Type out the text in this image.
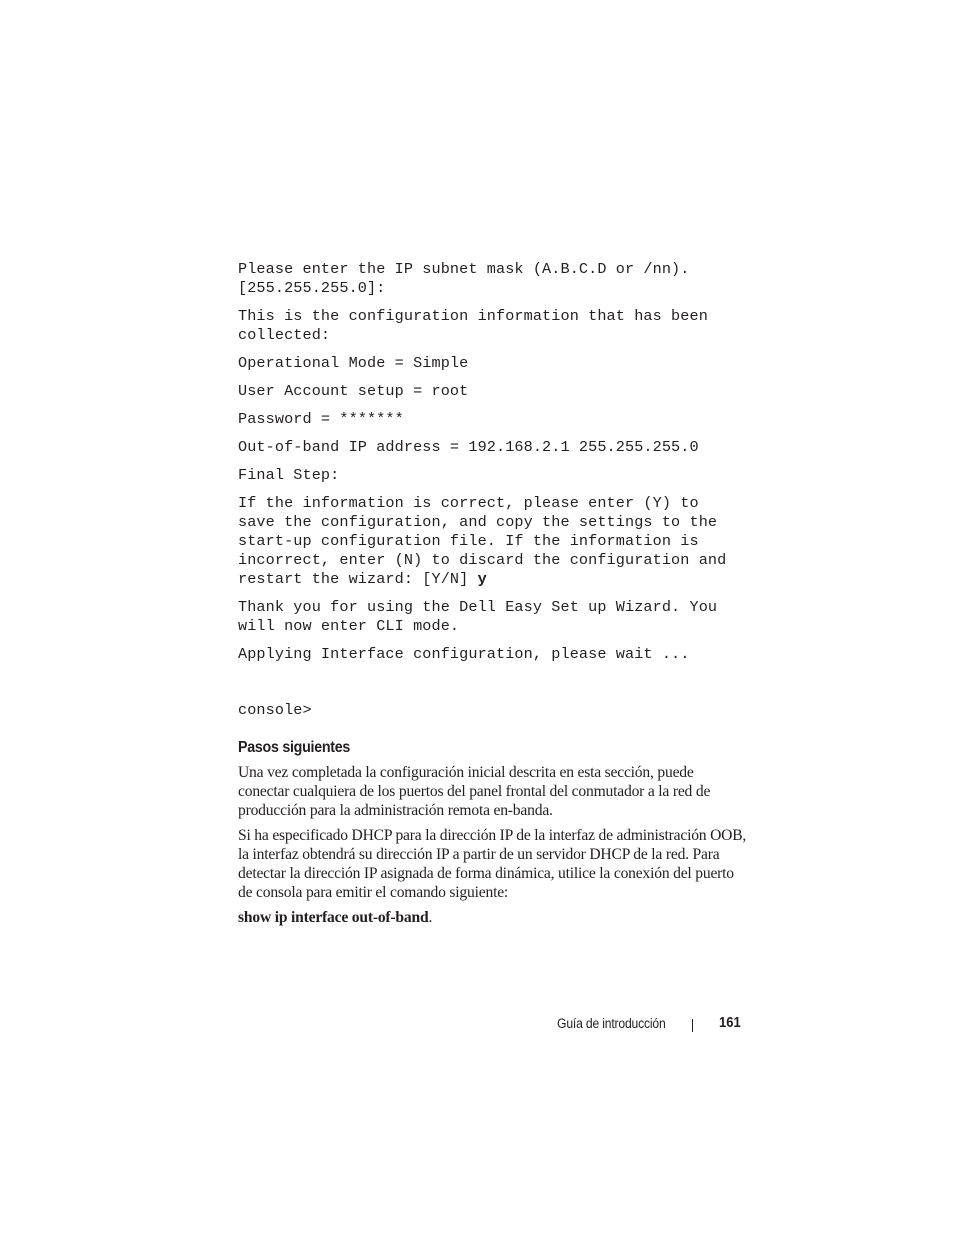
Please enter the IP subnet mask (A.B.C.D or /nn).
[255.255.255.0]:
This is the configuration information that has been
collected:
Operational Mode = Simple
User Account setup = root
Password = *******
Out-of-band IP address = 192.168.2.1 255.255.255.0
Final Step:
If the information is correct, please enter (Y) to
save the configuration, and copy the settings to the
start-up configuration file. If the information is
incorrect, enter (N) to discard the configuration and
restart the wizard: [Y/N] y
Thank you for using the Dell Easy Set up Wizard. You
will now enter CLI mode.
Applying Interface configuration, please wait ...
console>
Pasos siguientes

Una vez completada la configuración inicial descrita en esta sección, puede conectar cualquiera de los puertos del panel frontal del conmutador a la red de producción para la administración remota en-banda.

Si ha especificado DHCP para la dirección IP de la interfaz de administración OOB, la interfaz obtendrá su dirección IP a partir de un servidor DHCP de la red. Para detectar la dirección IP asignada de forma dinámica, utilice la conexión del puerto de consola para emitir el comando siguiente:

show ip interface out-of-band.

Guía de introducción	161
